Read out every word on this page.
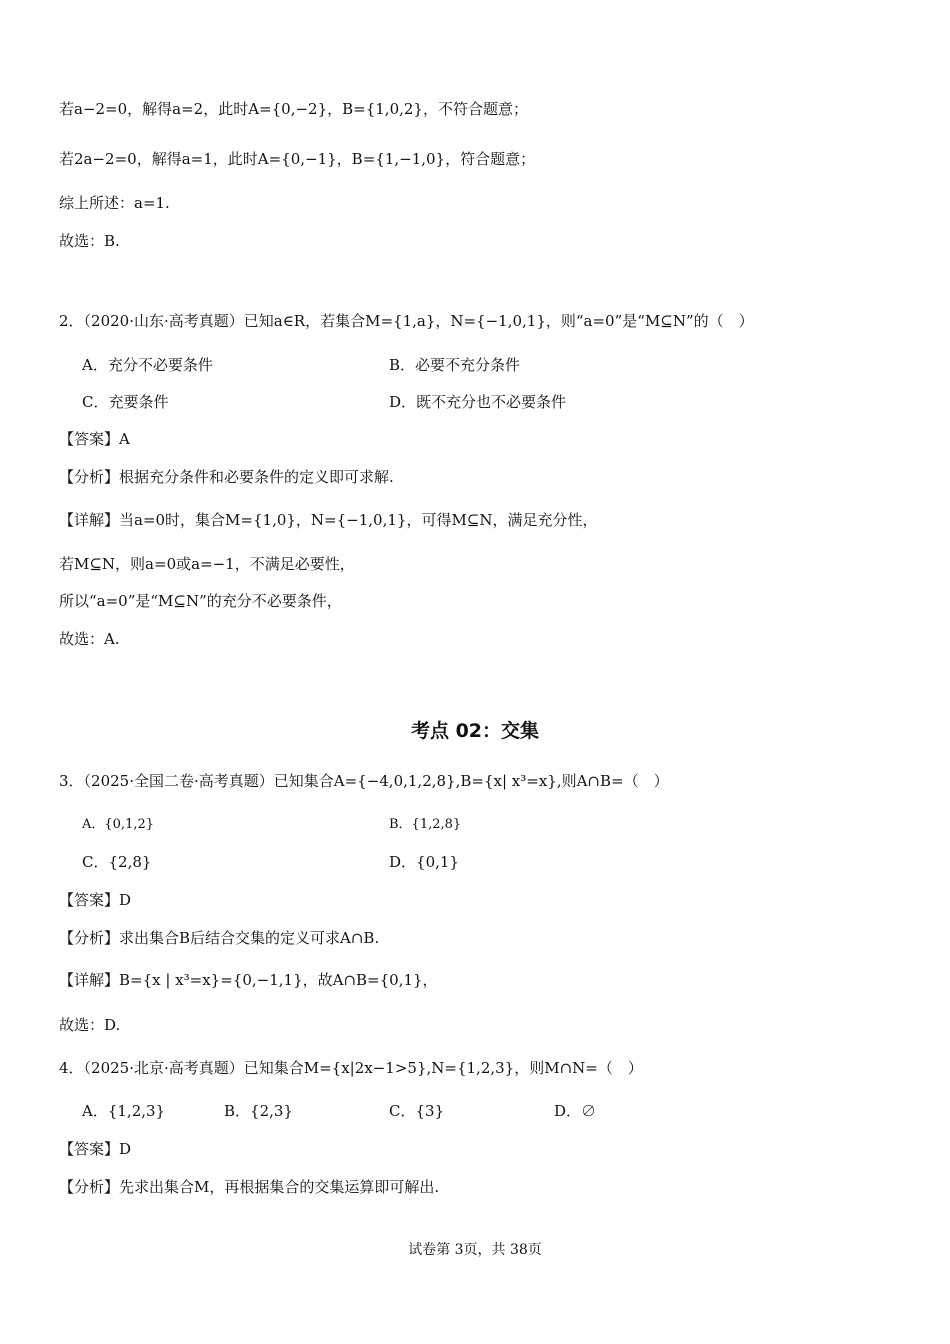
若a−2=0，解得a=2，此时A={0,−2}，B={1,0,2}，不符合题意；
若2a−2=0，解得a=1，此时A={0,−1}，B={1,−1,0}，符合题意；
综上所述：a=1.
故选：B.
2．（2020·山东·高考真题）已知a∈R，若集合M={1,a}，N={−1,0,1}，则“a=0”是“M⊆N”的（　）
A．充分不必要条件	B．必要不充分条件
C．充要条件	D．既不充分也不必要条件
【答案】A
【分析】根据充分条件和必要条件的定义即可求解.
【详解】当a=0时，集合M={1,0}，N={−1,0,1}，可得M⊆N，满足充分性，
若M⊆N，则a=0或a=−1，不满足必要性，
所以“a=0”是“M⊆N”的充分不必要条件，
故选：A.
考点 02：交集
3．（2025·全国二卷·高考真题）已知集合A={−4,0,1,2,8},B={x| x³=x},则A∩B=（　）
A．{0,1,2}	B．{1,2,8}
C．{2,8}	D．{0,1}
【答案】D
【分析】求出集合B后结合交集的定义可求A∩B.
【详解】B={x | x³=x}={0,−1,1}，故A∩B={0,1}，
故选：D.
4．（2025·北京·高考真题）已知集合M={x|2x−1>5},N={1,2,3}，则M∩N=（　）
A．{1,2,3}	B．{2,3}	C．{3}	D．∅
【答案】D
【分析】先求出集合M，再根据集合的交集运算即可解出.
试卷第 3页，共 38页
